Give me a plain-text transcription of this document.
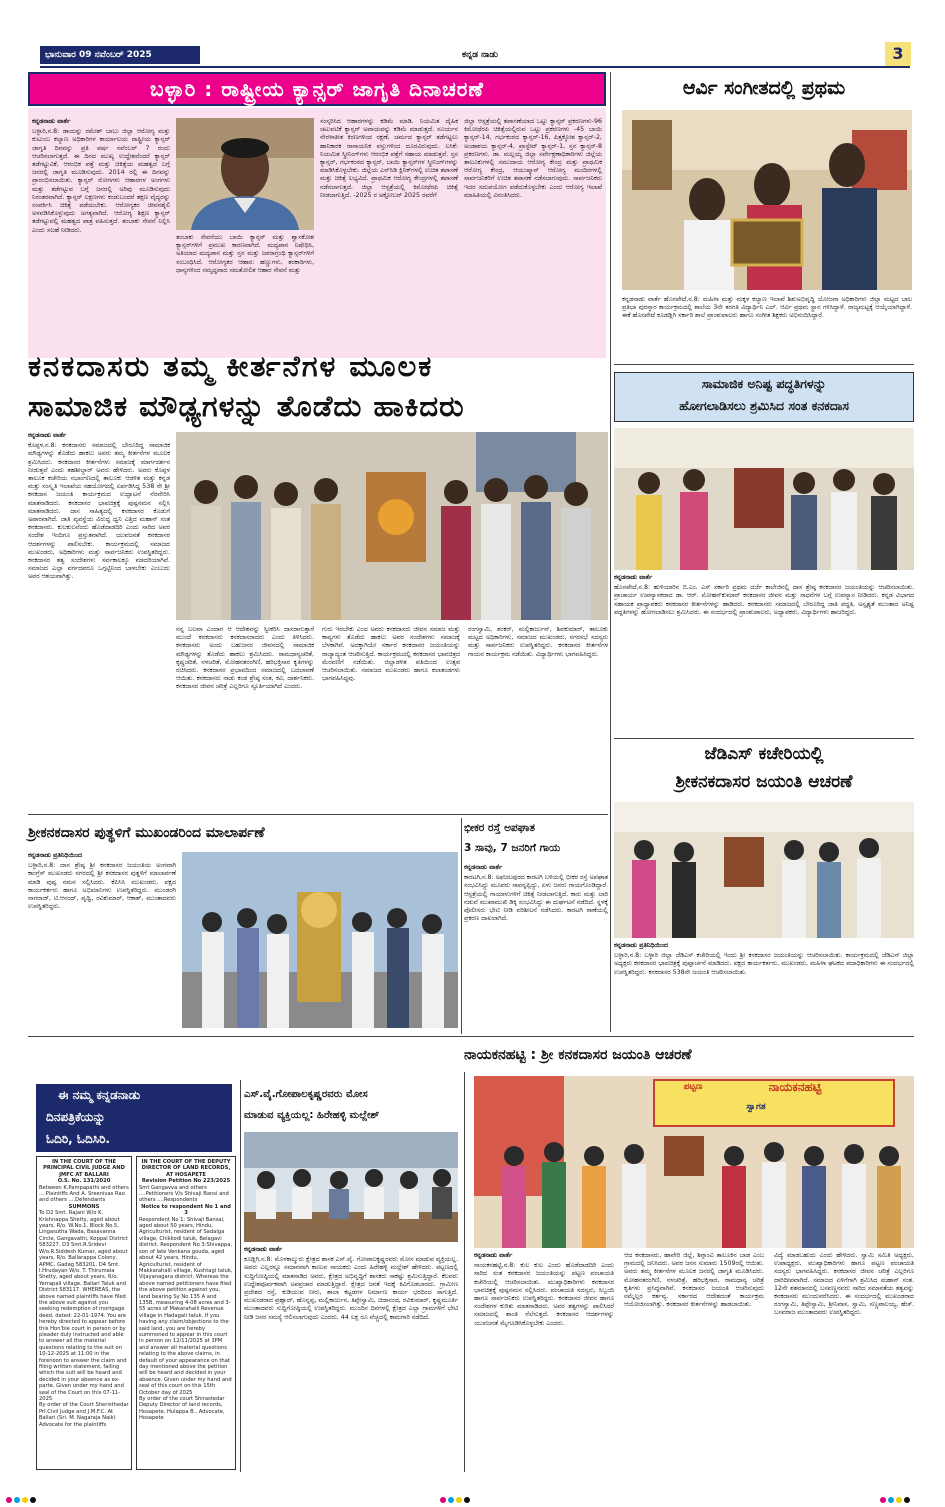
ಭಾನುವಾರ 09 ನವೆಂಬರ್ 2025	ಕನ್ನಡ ನಾಡು	3
ಬಳ್ಳಾರಿ : ರಾಷ್ಟ್ರೀಯ ಕ್ಯಾನ್ಸರ್ ಜಾಗೃತಿ ದಿನಾಚರಣೆ

ಕನ್ನಡನಾಡು ವಾರ್ತೆ

ಬಳ್ಳಾರಿ,ನ.8: ಡಾಯನ್ನು ರಮೇಶ್ ಬಾಬು ಜಿಲ್ಲಾ ಆರೋಗ್ಯ ಮತ್ತು ಕುಟುಂಬ ಕಲ್ಯಾಣ ಅಧಿಕಾರಿಗಳ ಕಾರ್ಯಾಲಯ ರಾಷ್ಟ್ರೀಯ ಕ್ಯಾನ್ಸರ್ ಜಾಗೃತಿ ದಿನವನ್ನು ಪ್ರತಿ ವರ್ಷ ನವೆಂಬರ್ 7 ರಂದು ಆಚರಿಸಲಾಗುತ್ತದೆ. ಈ ದಿನದ ಮುಖ್ಯ ಉದ್ದೇಶವೆಂದರೆ ಕ್ಯಾನ್ಸರ್ ತಡೆಗಟ್ಟುವಿಕೆ, ಆರಂಭಿಕ ಪತ್ತೆ ಮತ್ತು ಚಿಕಿತ್ಸೆಯ ಮಹತ್ವದ ಬಗ್ಗೆ ಜನರಲ್ಲಿ ಜಾಗೃತಿ ಮೂಡಿಸುವುದು. 2014 ರಲ್ಲಿ ಈ ದಿನವನ್ನು ಪ್ರಾರಂಭಿಸಲಾಯಿತು. ಕ್ಯಾನ್ಸರ್ ರೋಗಗಳು ಆಹಾರಗಳ ಅಂಗಗಳು ಮತ್ತು ತಡೆಗಟ್ಟುವ ಬಗ್ಗೆ ಜನರಲ್ಲಿ ಅರಿವು ಮೂಡಿಸುವುದು ನಿರಂತರವಾಗಿದೆ. ಕ್ಯಾನ್ಸರ್ ಲಕ್ಷಣಗಳು ಕಂಡುಬಂದರೆ ತಕ್ಷಣ ವೈದ್ಯರನ್ನು ಸಂಪರ್ಕಿಸಿ ಚಿಕಿತ್ಸೆ ಪಡೆಯಬೇಕು. ಆರೋಗ್ಯಕರ ಜೀವನಶೈಲಿ ಅಳವಡಿಸಿಕೊಳ್ಳುವುದು ಅಗತ್ಯವಾಗಿದೆ. ಆರೋಗ್ಯ ಶಿಕ್ಷಣ ಕ್ಯಾನ್ಸರ್ ತಡೆಗಟ್ಟುವಲ್ಲಿ ಮಹತ್ವದ ಪಾತ್ರ ವಹಿಸುತ್ತದೆ. ತಂಬಾಕು ಸೇವನೆ ನಿಲ್ಲಿಸಿ ಎಂದು ಸಲಹೆ ನೀಡಿದರು.

ತಂಬಾಕು ಸೇವನೆಯು ಬಾಯಿ ಕ್ಯಾನ್ಸರ್ ಮತ್ತು ಶ್ವಾಸಕೋಶ ಕ್ಯಾನ್ಸರ್‌ಗಳಿಗೆ ಪ್ರಮುಖ ಕಾರಣವಾಗಿದೆ. ಮದ್ಯಪಾನ ನಿಷೇಧಿಸಿ, ಅತಿಯಾದ ಮದ್ಯಪಾನ ಮತ್ತು ಸ್ತನ ಮತ್ತು ಜಠರಾಗ್ರಂಥಿ ಕ್ಯಾನ್ಸರ್‌ಗಳಿಗೆ ಸಂಬಂಧಿಸಿದೆ. ಆರೋಗ್ಯಕರ ಆಹಾರ: ಹಣ್ಣುಗಳು, ತರಕಾರಿಗಳು, ಧಾನ್ಯಗಳಿಂದ ಸಮೃದ್ಧವಾದ ಸಮತೋಲಿತ ಆಹಾರ ಸೇವನೆ ಮತ್ತು

ಸಂಸ್ಕರಿಸಿದ ಆಹಾರಗಳನ್ನು ಕಡಿಮೆ ಮಾಡಿ. ನಿಯಮಿತ ದೈಹಿಕ ಚಟುವಟಿಕೆ ಕ್ಯಾನ್ಸರ್ ಅಪಾಯವನ್ನು ಕಡಿಮೆ ಮಾಡುತ್ತದೆ. ಸೂರ್ಯನ ನೇರಳಾತೀತ ಕಿರಣಗಳಿಂದ ರಕ್ಷಣೆ, ಚರ್ಮದ ಕ್ಯಾನ್ಸರ್ ತಡೆಗಟ್ಟಲು ಹಾನಿಕಾರಕ ರಾಸಾಯನಿಕ ವಸ್ತುಗಳಿಂದ ದೂರವಿರುವುದು. ಲಸಿಕೆ: ನಿಯಮಿತ ಸ್ಕ್ರೀನಿಂಗ್‌ಗಳು ಆರಂಭಿಕ ಪತ್ತೆಗೆ ಸಹಾಯ ಮಾಡುತ್ತವೆ. ಸ್ತನ ಕ್ಯಾನ್ಸರ್, ಗರ್ಭಕಂಠದ ಕ್ಯಾನ್ಸರ್, ಬಾಯಿ ಕ್ಯಾನ್ಸರ್‌ಗಳ ಸ್ಕ್ರೀನಿಂಗ್‌ಗಳನ್ನು ಮಾಡಿಸಿಕೊಳ್ಳಬೇಕು. ಜಿಲ್ಲೆಯ ಎನ್‌ಸಿಡಿ ಕ್ಲಿನಿಕ್‌ಗಳಲ್ಲಿ ಉಚಿತ ತಪಾಸಣೆ ಮತ್ತು ಚಿಕಿತ್ಸೆ ಲಭ್ಯವಿದೆ. ಪ್ರಾಥಮಿಕ ಆರೋಗ್ಯ ಕೇಂದ್ರಗಳಲ್ಲಿ ತಪಾಸಣೆ ನಡೆಸಲಾಗುತ್ತದೆ. ಜಿಲ್ಲಾ ಆಸ್ಪತ್ರೆಯಲ್ಲಿ ಕಿಮೋಥೆರಪಿ ಚಿಕಿತ್ಸೆ ನೀಡಲಾಗುತ್ತಿದೆ. -2025 ರ ಅಕ್ಟೋಬರ್ 2025 ರವರೆಗೆ

ಜಿಲ್ಲಾ ಆಸ್ಪತ್ರೆಯಲ್ಲಿ ತಪಾಸಣೆಯಾದ ಒಟ್ಟು ಕ್ಯಾನ್ಸರ್ ಪ್ರಕರಣಗಳು-96 ಕಿಮೋಥೆರಪಿ ಚಿಕಿತ್ಸೆಯಲ್ಲಿರುವ ಒಟ್ಟು ಪ್ರಕರಣಗಳು -45 ಬಾಯಿ ಕ್ಯಾನ್ಸರ್-14, ಗರ್ಭಕಂಠದ ಕ್ಯಾನ್ಸರ್-16, ಪಿತ್ತಕ್ಕೋಶ ಕ್ಯಾನ್ಸರ್-2, ಅಂಡಾಶಯ ಕ್ಯಾನ್ಸರ್-4, ಪ್ರಾಸ್ಟೇಟ್ ಕ್ಯಾನ್ಸರ್-1, ಸ್ತನ ಕ್ಯಾನ್ಸರ್-8 ಪ್ರಕರಣಗಳು. ಡಾ. ಮಲ್ಲಯ್ಯ ಜಿಲ್ಲಾ ಸರ್ವೇಕ್ಷಣಾಧಿಕಾರಿಗಳು ಜಿಲ್ಲೆಯ ತಾಲೂಕುಗಳಲ್ಲಿ ಸಮುದಾಯ ಆರೋಗ್ಯ ಕೇಂದ್ರ ಮತ್ತು ಪ್ರಾಥಮಿಕ ಆರೋಗ್ಯ ಕೇಂದ್ರ, ಆಯುಷ್ಮಾನ್ ಆರೋಗ್ಯ ಮಂದಿರಗಳಲ್ಲಿ ಸಾರ್ವಜನಿಕರಿಗೆ ಉಚಿತ ತಪಾಸಣೆ ನಡೆಸಲಾಗುವುದು. ಸಾರ್ವಜನಿಕರು ಇದರ ಸದುಪಯೋಗ ಪಡೆದುಕೊಳ್ಳಬೇಕು ಎಂದು ಆರೋಗ್ಯ ಇಲಾಖೆ ಮಾಹಿತಿಯಲ್ಲಿ ವಿನಂತಿಸಿದರು.

ಆರ್ವಿ ಸಂಗೀತದಲ್ಲಿ ಪ್ರಥಮ

ಕನ್ನಡನಾಡು ವಾರ್ತೆ ಹೊಸಪೇಟೆ,ನ.8: ಮಹಿಳಾ ಮತ್ತು ಮಕ್ಕಳ ಕಲ್ಯಾಣ ಇಲಾಖೆ ಶಿಶುಅಭಿವೃದ್ಧಿ ಯೋಜನಾ ಅಧಿಕಾರಿಗಳು ಜಿಲ್ಲಾ ಮಟ್ಟದ ಬಾಲ ಪ್ರತಿಭಾ ಪುರಸ್ಕಾರ ಕಾರ್ಯಕ್ರಮದಲ್ಲಿ ಶಾಲೆಯ 3ನೇ ತರಗತಿ ವಿದ್ಯಾರ್ಥಿನಿ ಎಲ್. ಆರ್ವಿ ಪ್ರಥಮ ಸ್ಥಾನ ಗಳಿಸಿದ್ದಾಳೆ. ರಾಜ್ಯಮಟ್ಟಕ್ಕೆ ಆಯ್ಕೆಯಾಗಿದ್ದಾಳೆ. ಈಕೆ ಹೊಸಪೇಟೆ ಕೂಡಡ್ಲಿಗಿ ಸರ್ಕಾರಿ ಶಾಲೆ ಪ್ರಾಂಶುಪಾಲರು ಹಾಗೂ ಸಂಗೀತ ಶಿಕ್ಷಕರು ಅಭಿನಂದಿಸಿದ್ದಾರೆ.

ಕನಕದಾಸರು ತಮ್ಮ ಕೀರ್ತನೆಗಳ ಮೂಲಕ
ಸಾಮಾಜಿಕ ಮೌಢ್ಯಗಳನ್ನು ತೊಡೆದು ಹಾಕಿದರು

ಕನ್ನಡನಾಡು ವಾರ್ತೆ

ಕೊಪ್ಪಳ,ನ.8: ಕನಕದಾಸರು ಸಮಾಜದಲ್ಲಿ ಬೇರೂರಿದ್ದ ಸಾಮಾಜಿಕ ಮೌಢ್ಯಗಳನ್ನು ತೊಡೆದು ಹಾಕಲು ಅವರು ತಮ್ಮ ಕೀರ್ತನೆಗಳ ಮೂಲಕ ಶ್ರಮಿಸಿದರು. ಕನಕದಾಸರ ಕೀರ್ತನೆಗಳು ಸಮಾಜಕ್ಕೆ ಮಾರ್ಗದರ್ಶನ ನೀಡುತ್ತವೆ ಎಂದು ತಹಶೀಲ್ದಾರ್ ಅವರು ಹೇಳಿದರು. ಅವರು ಕೊಪ್ಪಳ ತಾಲೂಕ ಕಚೇರಿಯ ಸಭಾಂಗಣದಲ್ಲಿ ತಾಲೂಕು ಆಡಳಿತ ಮತ್ತು ಕನ್ನಡ ಮತ್ತು ಸಂಸ್ಕೃತಿ ಇಲಾಖೆಯ ಸಹಯೋಗದಲ್ಲಿ ಏರ್ಪಡಿಸಿದ್ದ 538 ನೇ ಶ್ರೀ ಕನಕದಾಸ ಜಯಂತಿ ಕಾರ್ಯಕ್ರಮದ ಉದ್ಘಾಟನೆ ನೆರವೇರಿಸಿ ಮಾತನಾಡಿದರು. ಕನಕದಾಸರ ಭಾವಚಿತ್ರಕ್ಕೆ ಪುಷ್ಪನಮನ ಸಲ್ಲಿಸಿ ಮಾತನಾಡಿದರು. ದಾಸ ಸಾಹಿತ್ಯದಲ್ಲಿ ಕನಕದಾಸರ ಕೊಡುಗೆ ಅಪಾರವಾಗಿದೆ. ಜಾತಿ ವ್ಯವಸ್ಥೆಯ ವಿರುದ್ಧ ಧ್ವನಿ ಎತ್ತಿದ ಮಹಾನ್ ಸಂತ ಕನಕದಾಸರು. ಕುಲಕುಲವೆಂದು ಹೊಡೆದಾಡದಿರಿ ಎಂದು ಸಾರಿದ ಅವರ ಸಂದೇಶ ಇಂದಿಗೂ ಪ್ರಸ್ತುತವಾಗಿದೆ. ಯುವಜನತೆ ಕನಕದಾಸರ ಆದರ್ಶಗಳನ್ನು ಪಾಲಿಸಬೇಕು. ಕಾರ್ಯಕ್ರಮದಲ್ಲಿ ಸಮಾಜದ ಮುಖಂಡರು, ಅಧಿಕಾರಿಗಳು ಮತ್ತು ಸಾರ್ವಜನಿಕರು ಉಪಸ್ಥಿತರಿದ್ದರು. ಕನಕದಾಸರ ತತ್ವ ಸಂದೇಶಗಳು ಸರ್ವಕಾಲಕ್ಕೂ ಮಾದರಿಯಾಗಿವೆ. ಸಮಾಜದ ಎಲ್ಲಾ ವರ್ಗದವರೂ ಒಗ್ಗಟ್ಟಿನಿಂದ ಬಾಳಬೇಕು ಎಂಬುದು ಅವರ ಆಶಯವಾಗಿತ್ತು.

ನನ್ನ ಬಲವಾ ಎಂದಾಗ ಆ ಆದೇಶವನ್ನು ಸ್ವೀಕರಿಸಿ ದಾಸರಾಗುತ್ತಾರೆ ಮುಂದೆ ಕನಕದಾಸರು ಕನಕದಾಸರಾದರು ಎಂದು ತಿಳಿಸಿದರು. ಕನಕದಾಸರು ಅಂದು ಬಹುಜನರ ಜೀವನದಲ್ಲಿ ಸಾಮಾಜಿಕ ಮೌಢ್ಯಗಳನ್ನು ತೊಡೆದು ಹಾಕಲು ಶ್ರಮಿಸಿದರು. ರಾಮಧಾನ್ಯಚರಿತೆ, ಕೃಷ್ಣಚರಿತೆ, ನಳಚರಿತೆ, ಮೋಹನತರಂಗಿಣಿ, ಹರಿಭಕ್ತಿಸಾರ ಕೃತಿಗಳನ್ನು ರಚಿಸಿದರು. ಕನಕದಾಸರ ಪ್ರಭಾವದಿಂದ ಸಮಾಜದಲ್ಲಿ ಬದಲಾವಣೆ ಆಯಿತು. ಕನಕದಾಸರು ನಾಡು ಕಂಡ ಶ್ರೇಷ್ಠ ಸಂತ, ಕವಿ, ದಾರ್ಶನಿಕರು. ಕನಕದಾಸರ ಜೀವನ ಚರಿತ್ರೆ ಎಲ್ಲರಿಗೂ ಸ್ಫೂರ್ತಿಯಾಗಿದೆ ಎಂದರು.

ಗುರು ಇರಬೇಕು ಎಂದ ಅವರು ಕನಕದಾಸರು ಜೀವನ ಸಮಾಜ ಮತ್ತು ಕಾವ್ಯಗಳು ತೊಡೆದು ಹಾಕಲು ಅವರ ಸಂದೇಶಗಳು ಸಮಾಜಕ್ಕೆ ಬೆಳಕಾಗಿವೆ. ಅದಕ್ಕಾಗಿಯೇ ಸರ್ಕಾರ ಕನಕದಾಸರ ಜಯಂತಿಯನ್ನು ರಾಜ್ಯಾದ್ಯಂತ ಆಚರಿಸುತ್ತಿದೆ. ಕಾರ್ಯಕ್ರಮದಲ್ಲಿ ಕನಕದಾಸರ ಭಾವಚಿತ್ರದ ಮೆರವಣಿಗೆ ನಡೆಯಿತು. ಜಿಲ್ಲಾಡಳಿತ ವತಿಯಿಂದ ಉತ್ಸವ ಆಚರಿಸಲಾಯಿತು. ಸಮಾಜದ ಮುಖಂಡರು ಹಾಗೂ ಕಲಾತಂಡಗಳು ಭಾಗವಹಿಸಿದ್ದವು.

ರಂಗಸ್ವಾಮಿ, ಶಂಕರ್, ಮಲ್ಲಿಕಾರ್ಜುನ್, ಶಿವಕುಮಾರ್, ತಾಲೂಕು ಮಟ್ಟದ ಅಧಿಕಾರಿಗಳು, ಸಮಾಜದ ಮುಖಂಡರು, ನಗರಸಭೆ ಸದಸ್ಯರು ಮತ್ತು ಸಾರ್ವಜನಿಕರು ಉಪಸ್ಥಿತರಿದ್ದರು. ಕನಕದಾಸರ ಕೀರ್ತನೆಗಳ ಗಾಯನ ಕಾರ್ಯಕ್ರಮ ನಡೆಯಿತು. ವಿದ್ಯಾರ್ಥಿಗಳು ಭಾಗವಹಿಸಿದ್ದರು.

ಸಾಮಾಜಿಕ ಅನಿಷ್ಟ ಪದ್ಧತಿಗಳನ್ನು
ಹೋಗಲಾಡಿಸಲು ಶ್ರಮಿಸಿದ ಸಂತ ಕನಕದಾಸ

ಕನ್ನಡನಾಡು ವಾರ್ತೆ

ಹೊಸಪೇಟೆ,ನ.8: ಹುಳಿಯಾರಿನ ಬಿ.ಎಂ. ಎಸ್ ಸರ್ಕಾರಿ ಪ್ರಥಮ ದರ್ಜೆ ಕಾಲೇಜಿನಲ್ಲಿ ದಾಸ ಶ್ರೇಷ್ಠ ಕನಕದಾಸರ ಜಯಂತಿಯನ್ನು ಆಚರಿಸಲಾಯಿತು. ಪ್ರಾಚಾರ್ಯ ಉಪನ್ಯಾಸಕರಾದ ಡಾ. ಆರ್. ಮೋಹನ್‌ಕುಮಾರ್ ಕನಕದಾಸರ ಜೀವನ ಮತ್ತು ಸಾಧನೆಗಳ ಬಗ್ಗೆ ಉಪನ್ಯಾಸ ನೀಡಿದರು. ಕನ್ನಡ ವಿಭಾಗದ ಸಹಾಯಕ ಪ್ರಾಧ್ಯಾಪಕರು ಕನಕದಾಸರ ಕೀರ್ತನೆಗಳನ್ನು ಹಾಡಿದರು. ಕನಕದಾಸರು ಸಮಾಜದಲ್ಲಿ ಬೇರೂರಿದ್ದ ಜಾತಿ ಪದ್ಧತಿ, ಅಸ್ಪೃಶ್ಯತೆ ಮುಂತಾದ ಅನಿಷ್ಟ ಪದ್ಧತಿಗಳನ್ನು ಹೋಗಲಾಡಿಸಲು ಶ್ರಮಿಸಿದರು. ಈ ಸಂದರ್ಭದಲ್ಲಿ ಪ್ರಾಂಶುಪಾಲರು, ಅಧ್ಯಾಪಕರು, ವಿದ್ಯಾರ್ಥಿಗಳು ಹಾಜರಿದ್ದರು.

ಜೆಡಿಎಸ್ ಕಚೇರಿಯಲ್ಲಿ
ಶ್ರೀಕನಕದಾಸರ ಜಯಂತಿ ಆಚರಣೆ

ಕನ್ನಡನಾಡು ಪ್ರತಿನಿಧಿಯಿಂದ

ಬಳ್ಳಾರಿ,ನ.8: ಬಳ್ಳಾರಿ ಜಿಲ್ಲಾ ಜೆಡಿಎಸ್ ಕಚೇರಿಯಲ್ಲಿ ಇಂದು ಶ್ರೀ ಕನಕದಾಸರ ಜಯಂತಿಯನ್ನು ಆಚರಿಸಲಾಯಿತು. ಕಾರ್ಯಕ್ರಮದಲ್ಲಿ ಜೆಡಿಎಸ್ ಜಿಲ್ಲಾ ಅಧ್ಯಕ್ಷರು ಕನಕದಾಸರ ಭಾವಚಿತ್ರಕ್ಕೆ ಪುಷ್ಪಾರ್ಚನೆ ಮಾಡಿದರು. ಪಕ್ಷದ ಕಾರ್ಯಕರ್ತರು, ಮುಖಂಡರು, ಮಹಿಳಾ ಘಟಕದ ಪದಾಧಿಕಾರಿಗಳು ಈ ಸಂದರ್ಭದಲ್ಲಿ ಉಪಸ್ಥಿತರಿದ್ದರು. ಕನಕದಾಸರ 538ನೇ ಜಯಂತಿ ಆಚರಿಸಲಾಯಿತು.

ಶ್ರೀಕನಕದಾಸರ ಪುತ್ಥಳಿಗೆ ಮುಖಂಡರಿಂದ ಮಾಲಾರ್ಪಣೆ

ಕನ್ನಡನಾಡು ಪ್ರತಿನಿಧಿಯಿಂದ

ಬಳ್ಳಾರಿ,ನ.8: ದಾಸ ಶ್ರೇಷ್ಠ ಶ್ರೀ ಕನಕದಾಸರ ಜಯಂತಿಯ ಅಂಗವಾಗಿ ಕಾಂಗ್ರೆಸ್ ಮುಖಂಡರು ನಗರದಲ್ಲಿ ಶ್ರೀ ಕನಕದಾಸರ ಪುತ್ಥಳಿಗೆ ಮಾಲಾರ್ಪಣೆ ಮಾಡಿ ಪುಷ್ಪ ನಮನ ಸಲ್ಲಿಸಿದರು. ಕೆಪಿಸಿಸಿ ಮುಖಂಡರು, ಪಕ್ಷದ ಕಾರ್ಯಕರ್ತರು ಹಾಗೂ ಅಭಿಮಾನಿಗಳು ಉಪಸ್ಥಿತರಿದ್ದರು. ಮುಂಡರಗಿ ನಾಗರಾಜ್, ಟಿ.ಆನಂದ್, ಪೃಥ್ವಿ, ರವಿಕುಮಾರ್, ಆಕಾಶ್, ಮುಂತಾದವರು ಉಪಸ್ಥಿತರಿದ್ದರು.

ಭೀಕರ ರಸ್ತೆ ಅಪಘಾತ
3 ಸಾವು, 7 ಜನರಿಗೆ ಗಾಯ

ಕನ್ನಡನಾಡು ವಾರ್ತೆ

ಕಾರಟಗಿ,ನ.8: ಅಫಜಲಪುರದ ಕಾರಟಗಿ ಬಳಿಯಲ್ಲಿ ಭೀಕರ ರಸ್ತೆ ಅಪಘಾತ ಸಂಭವಿಸಿದ್ದು ಮೂವರು ಸಾವನ್ನಪ್ಪಿದ್ದು, ಏಳು ಜನರು ಗಾಯಗೊಂಡಿದ್ದಾರೆ. ಆಸ್ಪತ್ರೆಯಲ್ಲಿ ಗಾಯಾಳುಗಳಿಗೆ ಚಿಕಿತ್ಸೆ ನೀಡಲಾಗುತ್ತಿದೆ. ಕಾರು ಮತ್ತು ಲಾರಿ ನಡುವೆ ಮುಖಾಮುಖಿ ಡಿಕ್ಕಿ ಸಂಭವಿಸಿದ್ದು ಈ ದುರ್ಘಟನೆ ನಡೆದಿದೆ. ಸ್ಥಳಕ್ಕೆ ಪೊಲೀಸರು ಭೇಟಿ ನೀಡಿ ಪರಿಶೀಲನೆ ನಡೆಸಿದರು. ಕಾರಟಗಿ ಠಾಣೆಯಲ್ಲಿ ಪ್ರಕರಣ ದಾಖಲಾಗಿದೆ.

ಈ ನಮ್ಮ ಕನ್ನಡನಾಡು
ದಿನಪತ್ರಿಕೆಯನ್ನು
ಓದಿರಿ, ಓದಿಸಿರಿ.

IN THE COURT OF THE PRINCIPAL CIVIL JUDGE AND JMFC AT BALLARI

O.S. No. 131/2020

Between K.Pampapathi and others ....Plaintiffs And A. Sreenivas Rao and others ....Defendants

SUMMONS

To D2 Smt. Rajani W/o K. Krishnappa Shetty, aged about years, R/o. W.No.1, Block No.5, Lingasutha Wada, Basavanna Circle, Gangavathi, Koppal District 583227. D3 Smt.R.Sridevi W/o.R.Siddesh Kumar, aged about years, R/o. Ballarappa Colony, APMC, Gadag 583201. D4 Smt. I.Hrudayan W/o. T. Thirumala Shetty, aged about years, R/o. Yerrapali village, Ballari Taluk and District 583117. WHEREAS, the above named plaintiffs have filed the above suit against you seeking redemption of mortgage deed, dated: 22-01-1974. You are hereby directed to appear before this Hon'ble court in person or by pleader duly instructed and able to answer all the material questions relating to the suit on 10-12-2025 at 11:00 in the forenoon to answer the claim and filing written statement, failing which the suit will be heard and decided in your absence as ex-parte. Given under my hand and seal of the Court on this 07-11-2025

By order of the Court Sheristhedar Prl.Civil Judge and J.M.F.C. At Ballari (Sri. M. Nagaraja Naik) Advocate for the plaintiffs

IN THE COURT OF THE DEPUTY DIRECTOR OF LAND RECORDS, AT HOSAPETE

Revision Petition No 223/2025

Smt Gangavva and others ....Petitioners V/s Shivaji Bansi and others ....Respondents

Notice to respondent No 1 and 3

Respondent No 1: Shivaji Bansai, aged about 50 years, Hindu, Agriculturist, resident of Sadalga village, Chikkodi taluk, Belagavi district. Respondent No 3:Shivappa, son of late Venkana gouda, aged about 42 years, Hindu, Agriculturist, resident of Makkarahalli village, Kushtagi taluk, Vijayanagara district. Whereas the above named petitioners have filed the above petition against you, land bearing Sy No 135 A and 135B, measuring 4-08 acres and 3-55 acres of Makarahalli Revenue village in Hadagali taluk. If you having any claim/objections to the said land, you are hereby summoned to appear in this court in person on 12/11/2025 at 3PM and answer all material questions relating to the above claims, in default of your appearance on that day mentioned above the petition will be heard and decided in your absence. Given under my hand and seal of this court on this 15th October day of 2025

By order of the court Shirastedar Deputy Director of land records, Hosapete. Hulappa B., Advocate, Hosapete

ಎಸ್.ವೈ.ಗೋಪಾಲಕೃಷ್ಣರವರು ಮೋಸ
ಮಾಡುವ ವ್ಯಕ್ತಿಯಲ್ಲ: ಹಿರೇಹಳ್ಳಿ ಮಲ್ಲೇಶ್

ಕನ್ನಡನಾಡು ವಾರ್ತೆ

ಕೂಡ್ಲಿಗಿ,ನ.8: ಮೊಳಕಾಲ್ಮುರು ಕ್ಷೇತ್ರದ ಶಾಸಕ ಎಸ್.ವೈ. ಗೋಪಾಲಕೃಷ್ಣರವರು ಮೋಸ ಮಾಡುವ ವ್ಯಕ್ತಿಯಲ್ಲ. ಅವರು ಎಲ್ಲರನ್ನೂ ಸಮಾನವಾಗಿ ಕಾಣುವ ನಾಯಕರು ಎಂದು ಹಿರೇಹಳ್ಳಿ ಮಲ್ಲೇಶ್ ಹೇಳಿದರು. ಪಟ್ಟಣದಲ್ಲಿ ಸುದ್ದಿಗೋಷ್ಠಿಯಲ್ಲಿ ಮಾತನಾಡಿದ ಅವರು, ಕ್ಷೇತ್ರದ ಅಭಿವೃದ್ಧಿಗೆ ಶಾಸಕರು ಸಾಕಷ್ಟು ಶ್ರಮಿಸುತ್ತಿದ್ದಾರೆ. ಕೆಲವರು ಉದ್ದೇಶಪೂರ್ವಕವಾಗಿ ಅಪಪ್ರಚಾರ ಮಾಡುತ್ತಿದ್ದಾರೆ. ಕ್ಷೇತ್ರದ ಜನತೆ ಇದಕ್ಕೆ ಕಿವಿಗೊಡಬಾರದು. ಗ್ರಾಮೀಣ ಪ್ರದೇಶದ ರಸ್ತೆ, ಕುಡಿಯುವ ನೀರು, ಶಾಲಾ ಕಟ್ಟಡಗಳ ನಿರ್ಮಾಣ ಕಾರ್ಯ ಭರದಿಂದ ಸಾಗುತ್ತಿದೆ. ಮುಖಂಡರಾದ ಪ್ರಹ್ಲಾದ್, ಹೊನ್ನಪ್ಪ, ಮಲ್ಲಿಕಾರ್ಜುನ, ತಿಪ್ಪೇಸ್ವಾಮಿ, ಚಿದಾನಂದ, ರವಿಕುಮಾರ್, ಕೃಷ್ಣಮೂರ್ತಿ ಮುಂತಾದವರು ಸುದ್ದಿಗೋಷ್ಠಿಯಲ್ಲಿ ಉಪಸ್ಥಿತರಿದ್ದರು. ಮುಂದಿನ ದಿನಗಳಲ್ಲಿ ಕ್ಷೇತ್ರದ ಎಲ್ಲಾ ಗ್ರಾಮಗಳಿಗೆ ಭೇಟಿ ನೀಡಿ ಜನರ ಸಮಸ್ಯೆ ಆಲಿಸಲಾಗುವುದು ಎಂದರು. 44 ಲಕ್ಷ ರೂ ವೆಚ್ಚದಲ್ಲಿ ಕಾಮಗಾರಿ ನಡೆದಿದೆ.

ನಾಯಕನಹಟ್ಟಿ : ಶ್ರೀ ಕನಕದಾಸರ ಜಯಂತಿ ಆಚರಣೆ
ಪಟ್ಟಣ	ನಾಯಕನಹಟ್ಟಿ
ಸ್ವಾಗತ

ಕನ್ನಡನಾಡು ವಾರ್ತೆ

ನಾಯಕನಹಟ್ಟಿ,ನ.8: ಕುಲ ಕುಲ ಎಂದು ಹೊಡೆದಾಡದಿರಿ ಎಂದು ಸಾರಿದ ಸಂತ ಕನಕದಾಸರ ಜಯಂತಿಯನ್ನು ಪಟ್ಟಣ ಪಂಚಾಯತಿ ಕಚೇರಿಯಲ್ಲಿ ಆಚರಿಸಲಾಯಿತು. ಮುಖ್ಯಾಧಿಕಾರಿಗಳು ಕನಕದಾಸರ ಭಾವಚಿತ್ರಕ್ಕೆ ಪುಷ್ಪನಮನ ಸಲ್ಲಿಸಿದರು. ಪಂಚಾಯತಿ ಸದಸ್ಯರು, ಸಿಬ್ಬಂದಿ ಹಾಗೂ ಸಾರ್ವಜನಿಕರು ಉಪಸ್ಥಿತರಿದ್ದರು. ಕನಕದಾಸರ ಜೀವನ ಹಾಗೂ ಸಂದೇಶಗಳ ಕುರಿತು ಮಾತನಾಡಿದರು. ಅವರ ತತ್ವಗಳನ್ನು ಪಾಲಿಸಿದರೆ ಸಮಾಜದಲ್ಲಿ ಶಾಂತಿ ನೆಲೆಸುತ್ತದೆ. ಕನಕದಾಸರ ಆದರ್ಶಗಳನ್ನು ಯುವಜನತೆ ಮೈಗೂಡಿಸಿಕೊಳ್ಳಬೇಕು ಎಂದರು.

ಆದ ಕನಕದಾಸರು, ಹಾವೇರಿ ಜಿಲ್ಲೆ, ಶಿಗ್ಗಾಂವಿ ತಾಲೂಕಿನ ಬಾಡ ಎಂಬ ಗ್ರಾಮದಲ್ಲಿ ಜನಿಸಿದರು. ಅವರ ಜನನ ಸುಮಾರು 1509ರಲ್ಲಿ ಆಯಿತು. ಅವರು ತಮ್ಮ ಕೀರ್ತನೆಗಳ ಮೂಲಕ ಜನರಲ್ಲಿ ಜಾಗೃತಿ ಮೂಡಿಸಿದರು. ಮೋಹನತರಂಗಿಣಿ, ನಳಚರಿತ್ರೆ, ಹರಿಭಕ್ತಿಸಾರ, ರಾಮಧಾನ್ಯ ಚರಿತ್ರೆ ಕೃತಿಗಳು ಪ್ರಸಿದ್ಧವಾಗಿವೆ. ಕನಕದಾಸರ ಜಯಂತಿ ಆಚರಿಸುವುದು ನಮ್ಮೆಲ್ಲರ ಕರ್ತವ್ಯ. ಸರ್ಕಾರದ ಆದೇಶದಂತೆ ಕಾರ್ಯಕ್ರಮ ಆಯೋಜಿಸಲಾಗಿತ್ತು. ಕನಕದಾಸರ ಕೀರ್ತನೆಗಳನ್ನು ಹಾಡಲಾಯಿತು.

ವಿದ್ಯೆ ಮಾಡಬಹುದು ಎಂದು ಹೇಳಿದರು. ಸ್ವಾಮಿ ಸಮಿತಿ ಅಧ್ಯಕ್ಷರು, ಉಪಾಧ್ಯಕ್ಷರು, ಮುಖ್ಯಾಧಿಕಾರಿಗಳು ಹಾಗೂ ಪಟ್ಟಣ ಪಂಚಾಯತಿ ಸದಸ್ಯರು ಭಾಗವಹಿಸಿದ್ದರು. ಕನಕದಾಸರ ಜೀವನ ಚರಿತ್ರೆ ಎಲ್ಲರಿಗೂ ದಾರಿದೀಪವಾಗಿದೆ. ಸಮಾಜದ ಏಳಿಗೆಗಾಗಿ ಶ್ರಮಿಸಿದ ಮಹಾನ್ ಸಂತ. 12ನೇ ಶತಮಾನದಲ್ಲಿ ಬಸವಣ್ಣನವರು ಸಾರಿದ ಸಮಾನತೆಯ ತತ್ವವನ್ನು ಕನಕದಾಸರು ಮುಂದುವರೆಸಿದರು. ಈ ಸಂದರ್ಭದಲ್ಲಿ ಮುಖಂಡರಾದ ರಂಗಸ್ವಾಮಿ, ತಿಪ್ಪೇಸ್ವಾಮಿ, ಶ್ರೀನಿವಾಸ, ಸ್ವಾಮಿ, ಸಣ್ಣಪಾಲಯ್ಯ, ಹೆಚ್. ಬಸವರಾಜ ಮುಂತಾದವರು ಉಪಸ್ಥಿತರಿದ್ದರು.
